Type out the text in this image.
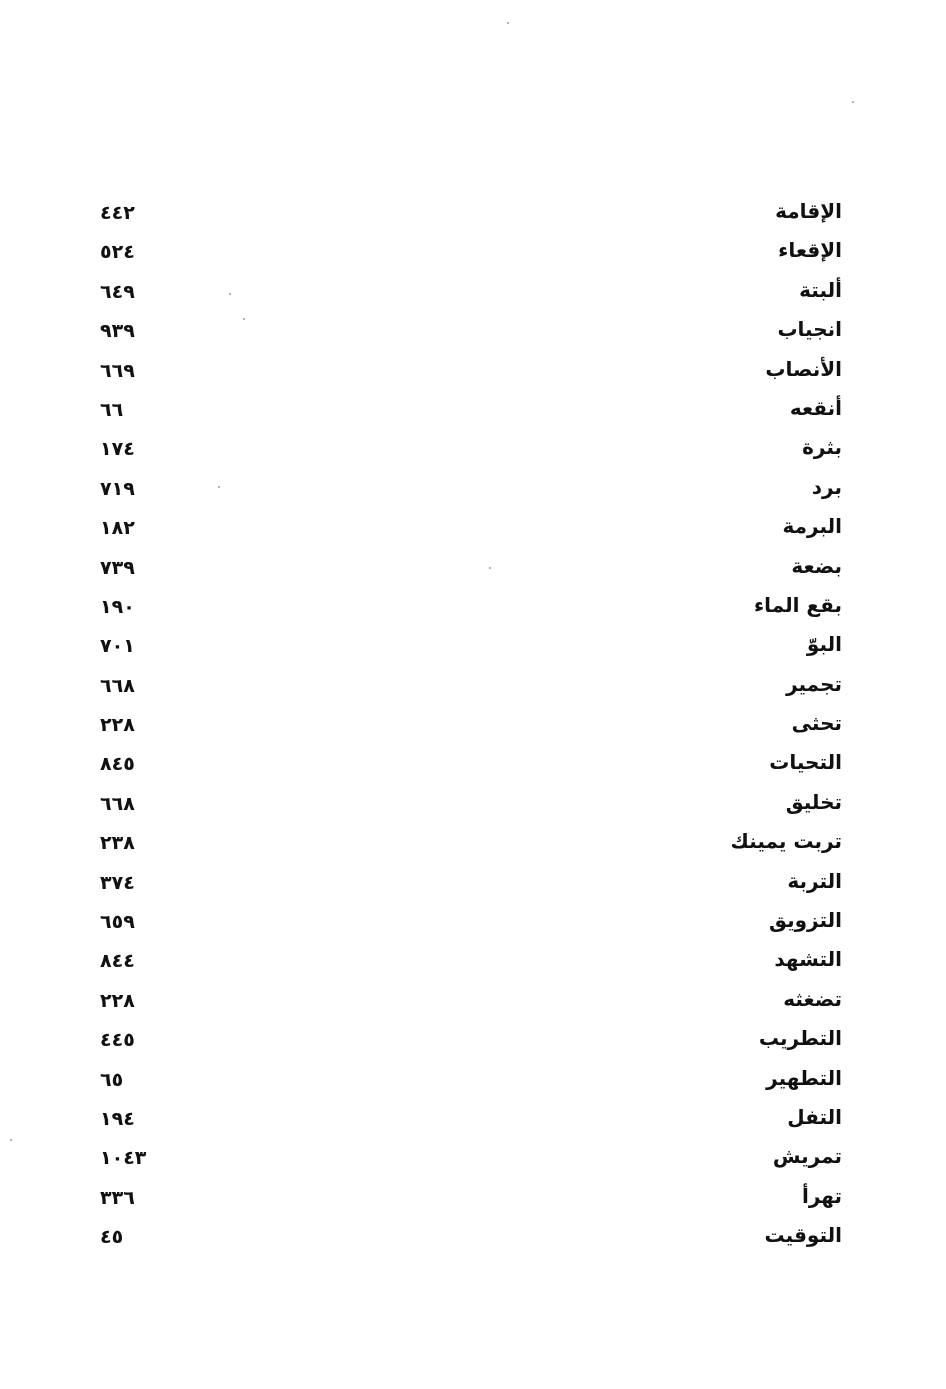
الإقامة
٤٤٢
الإقعاء
٥٢٤
ألبتة
٦٤٩
انجياب
٩٣٩
الأنصاب
٦٦٩
أنقعه
٦٦
بثرة
١٧٤
برد
٧١٩
البرمة
١٨٢
بضعة
٧٣٩
بقع الماء
١٩٠
البوّ
٧٠١
تجمير
٦٦٨
تحثى
٢٢٨
التحيات
٨٤٥
تخليق
٦٦٨
تربت يمينك
٢٣٨
التربة
٣٧٤
التزويق
٦٥٩
التشهد
٨٤٤
تضغثه
٢٢٨
التطريب
٤٤٥
التطهير
٦٥
التفل
١٩٤
تمريش
١٠٤٣
تهرأ
٣٣٦
التوقيت
٤٥
